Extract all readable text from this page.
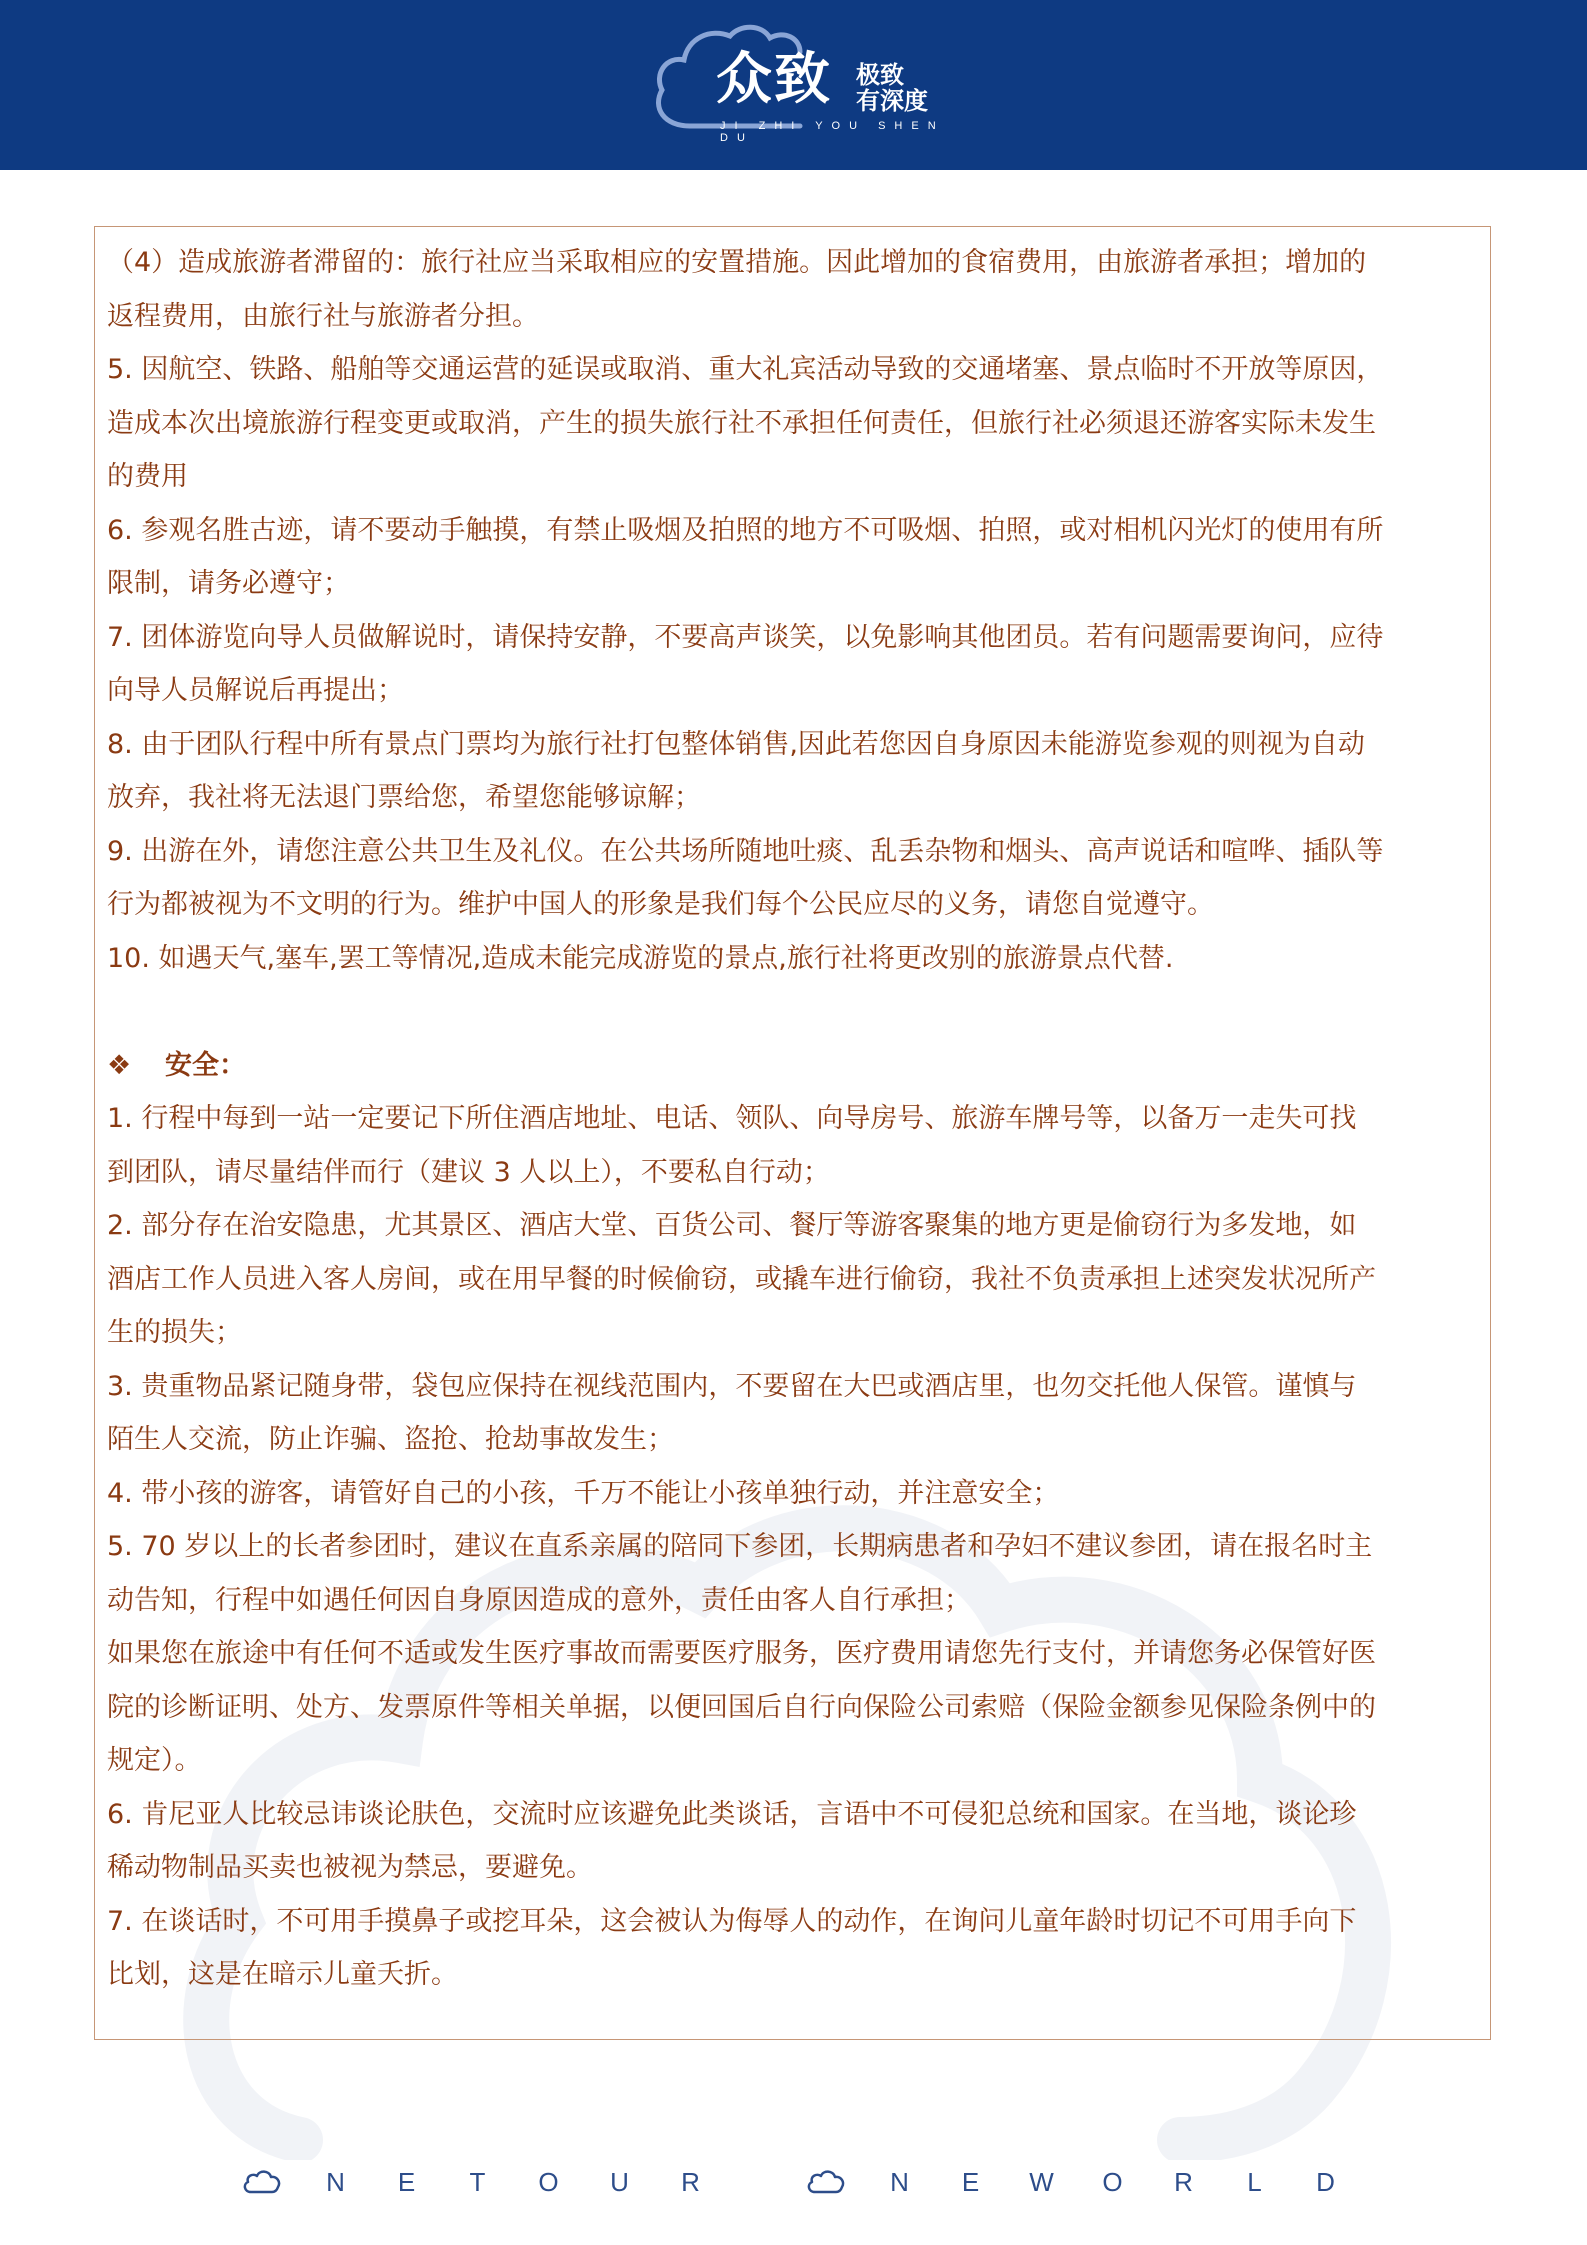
众致 极致
有深度
JI ZHI YOU SHEN DU

（4）造成旅游者滞留的：旅行社应当采取相应的安置措施。因此增加的食宿费用，由旅游者承担；增加的

返程费用，由旅行社与旅游者分担。

5. 因航空、铁路、船舶等交通运营的延误或取消、重大礼宾活动导致的交通堵塞、景点临时不开放等原因，

造成本次出境旅游行程变更或取消，产生的损失旅行社不承担任何责任，但旅行社必须退还游客实际未发生

的费用

6. 参观名胜古迹，请不要动手触摸，有禁止吸烟及拍照的地方不可吸烟、拍照，或对相机闪光灯的使用有所

限制，请务必遵守；

7. 团体游览向导人员做解说时，请保持安静，不要高声谈笑，以免影响其他团员。若有问题需要询问，应待

向导人员解说后再提出；

8. 由于团队行程中所有景点门票均为旅行社打包整体销售,因此若您因自身原因未能游览参观的则视为自动

放弃，我社将无法退门票给您，希望您能够谅解；

9. 出游在外，请您注意公共卫生及礼仪。在公共场所随地吐痰、乱丢杂物和烟头、高声说话和喧哗、插队等

行为都被视为不文明的行为。维护中国人的形象是我们每个公民应尽的义务，请您自觉遵守。

10. 如遇天气,塞车,罢工等情况,造成未能完成游览的景点,旅行社将更改别的旅游景点代替.

❖ 安全：

1. 行程中每到一站一定要记下所住酒店地址、电话、领队、向导房号、旅游车牌号等，以备万一走失可找

到团队，请尽量结伴而行（建议 3 人以上），不要私自行动；

2. 部分存在治安隐患，尤其景区、酒店大堂、百货公司、餐厅等游客聚集的地方更是偷窃行为多发地，如

酒店工作人员进入客人房间，或在用早餐的时候偷窃，或撬车进行偷窃，我社不负责承担上述突发状况所产

生的损失；

3. 贵重物品紧记随身带，袋包应保持在视线范围内，不要留在大巴或酒店里，也勿交托他人保管。谨慎与

陌生人交流，防止诈骗、盗抢、抢劫事故发生；

4. 带小孩的游客，请管好自己的小孩，千万不能让小孩单独行动，并注意安全；

5. 70 岁以上的长者参团时，建议在直系亲属的陪同下参团，长期病患者和孕妇不建议参团，请在报名时主

动告知，行程中如遇任何因自身原因造成的意外，责任由客人自行承担；

如果您在旅途中有任何不适或发生医疗事故而需要医疗服务，医疗费用请您先行支付，并请您务必保管好医

院的诊断证明、处方、发票原件等相关单据，以便回国后自行向保险公司索赔（保险金额参见保险条例中的

规定）。

6. 肯尼亚人比较忌讳谈论肤色，交流时应该避免此类谈话，言语中不可侵犯总统和国家。在当地，谈论珍

稀动物制品买卖也被视为禁忌，要避免。

7. 在谈话时，不可用手摸鼻子或挖耳朵，这会被认为侮辱人的动作，在询问儿童年龄时切记不可用手向下

比划，这是在暗示儿童夭折。

N	E	T	O	U	R	N	E	W	O	R	L	D
